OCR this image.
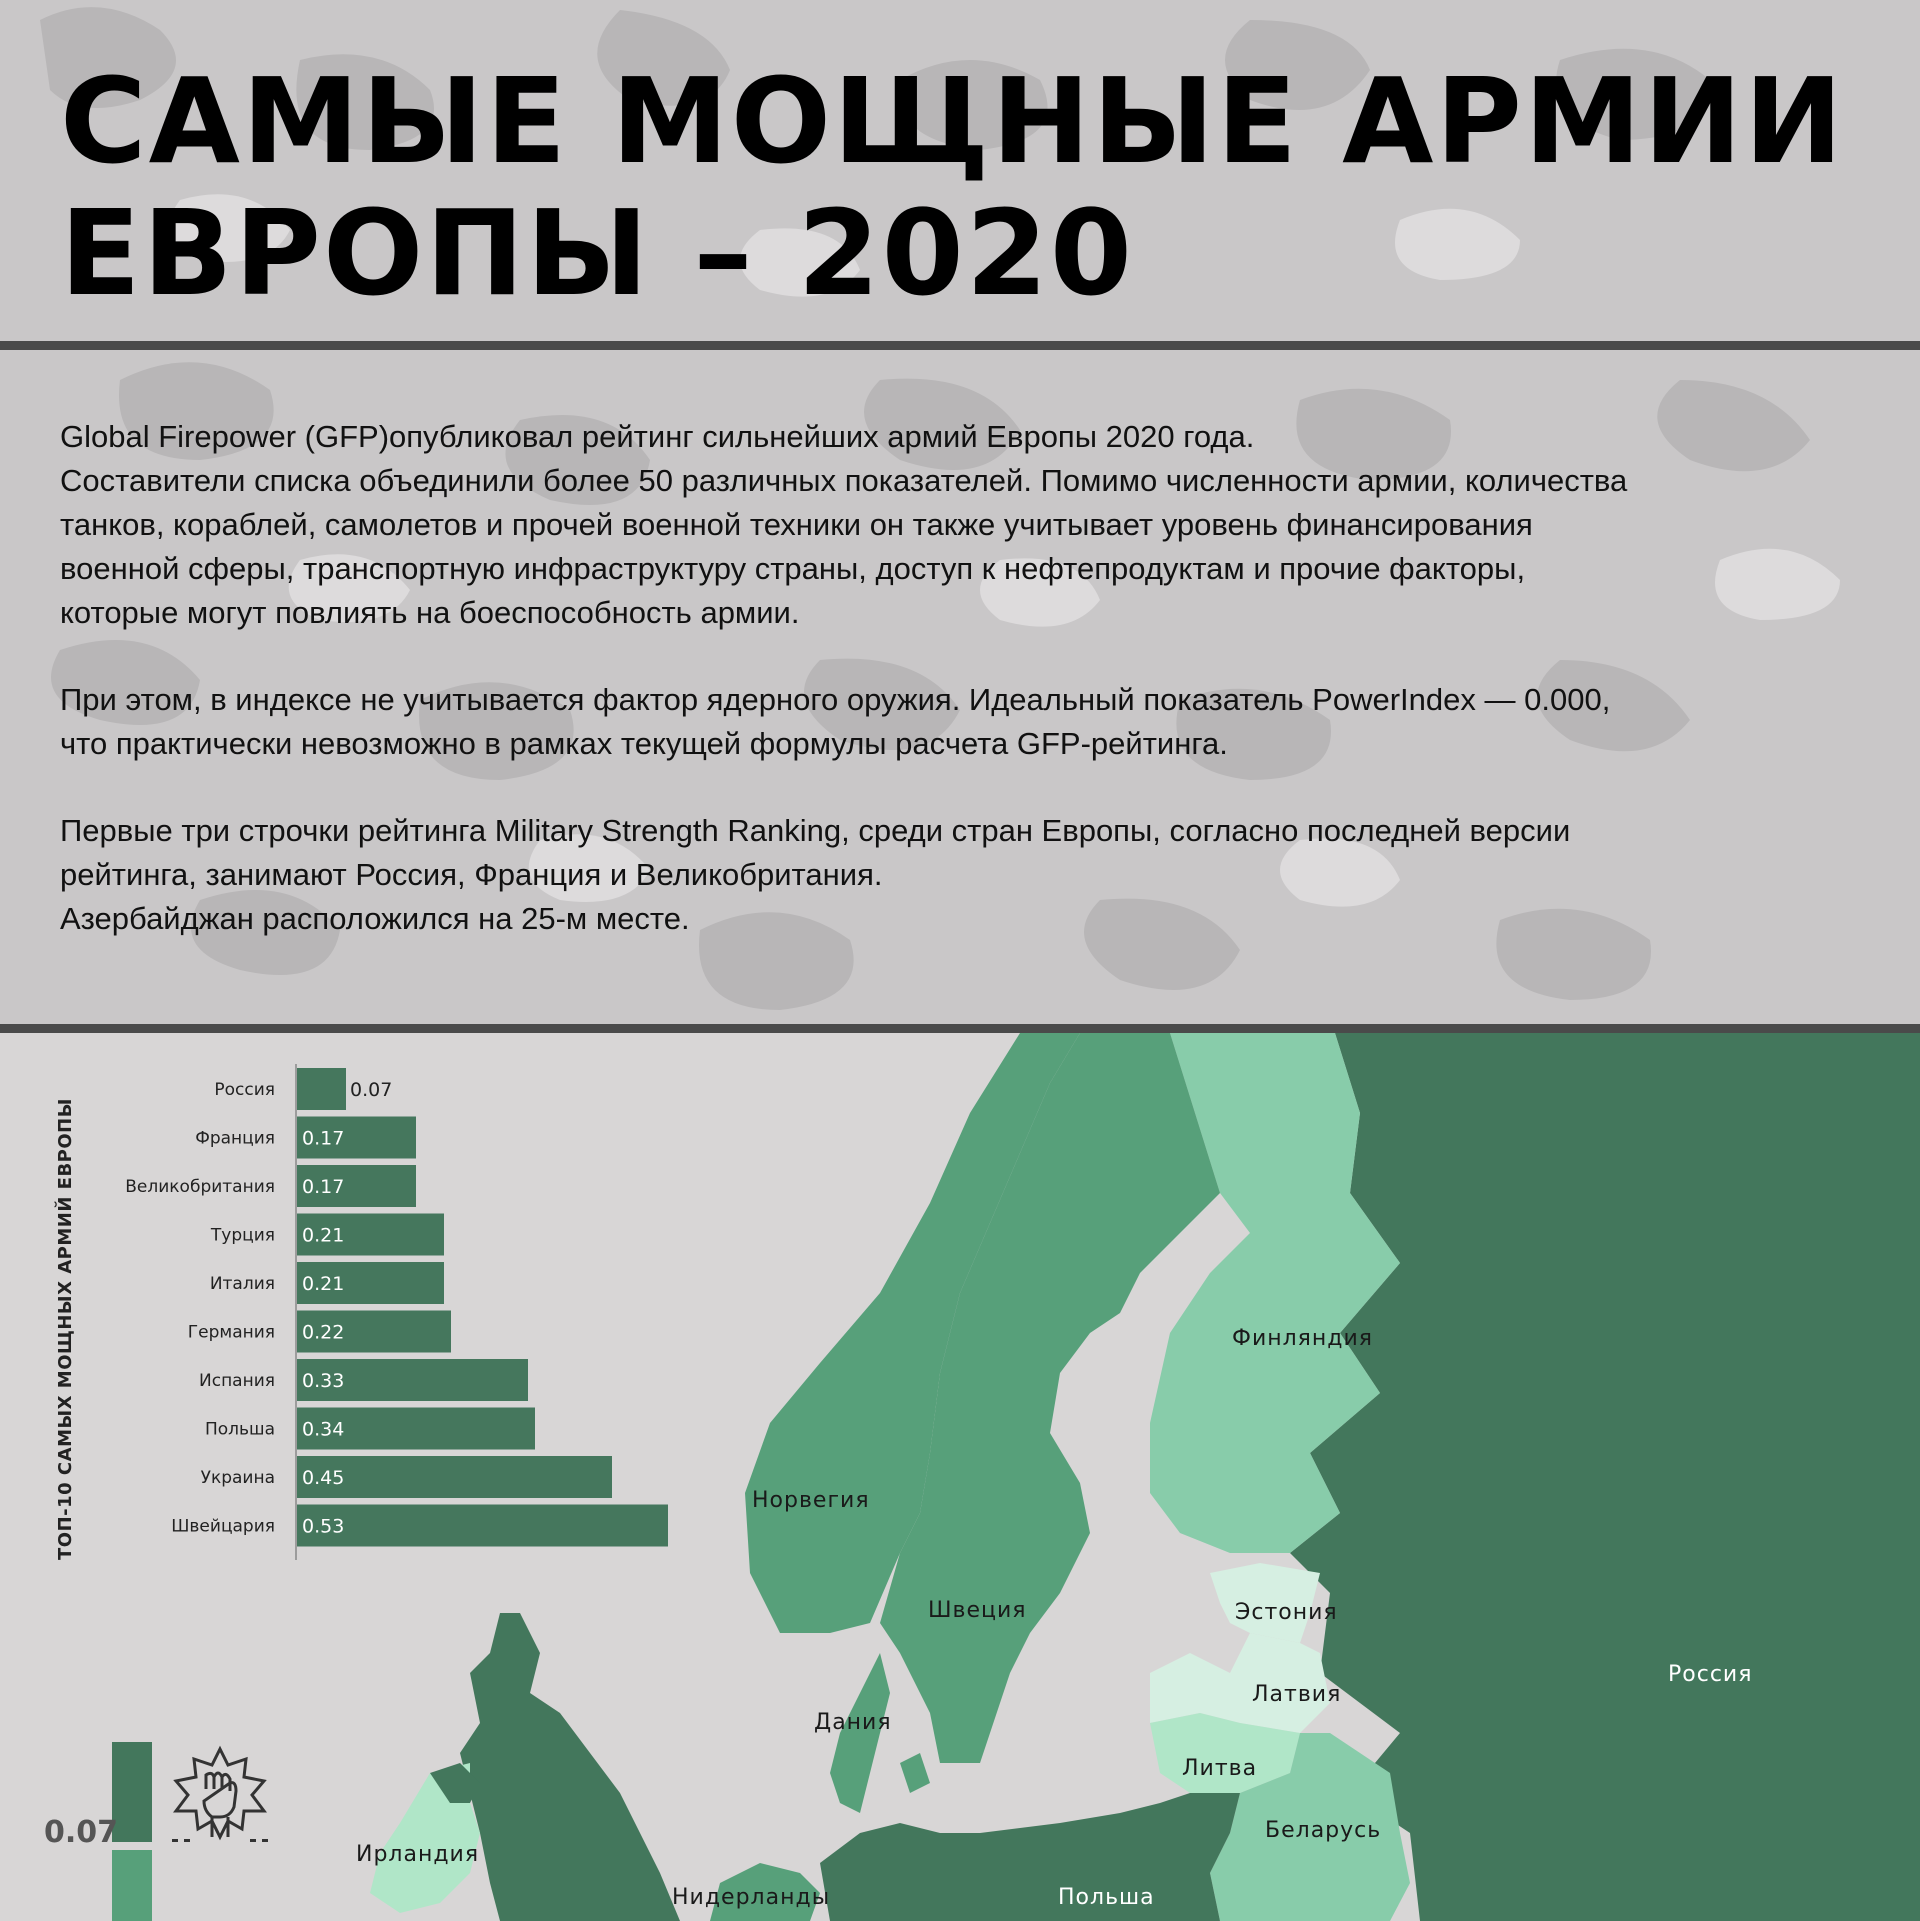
САМЫЕ МОЩНЫЕ АРМИИ
ЕВРОПЫ – 2020

Global Firepower (GFP)опубликовал рейтинг сильнейших армий Европы 2020 года.
Составители списка объединили более 50 различных показателей. Помимо численности армии, количества
танков, кораблей, самолетов и прочей военной техники он также учитывает уровень финансирования
военной сферы, транспортную инфраструктуру страны, доступ к нефтепродуктам и прочие факторы,
которые могут повлиять на боеспособность армии.

При этом, в индексе не учитывается фактор ядерного оружия. Идеальный показатель PowerIndex — 0.000,
что практически невозможно в рамках текущей формулы расчета GFP-рейтинга.

Первые три строчки рейтинга Military Strength Ranking, среди стран Европы, согласно последней версии
рейтинга, занимают Россия, Франция и Великобритания.
Азербайджан расположился на 25-м месте.

Норвегия
Швеция
Финляндия
Эстония
Латвия
Литва
Беларусь
Россия
Дания
Ирландия
Нидерланды	Польша
ТОП-10 САМЫХ МОЩНЫХ АРМИЙ ЕВРОПЫ
Россия	0.07
Франция 0.17
Великобритания 0.17
Турция 0.21
Италия 0.21
Германия 0.22
Испания 0.33
Польша 0.34
Украина 0.45
Швейцария 0.53
0.07
